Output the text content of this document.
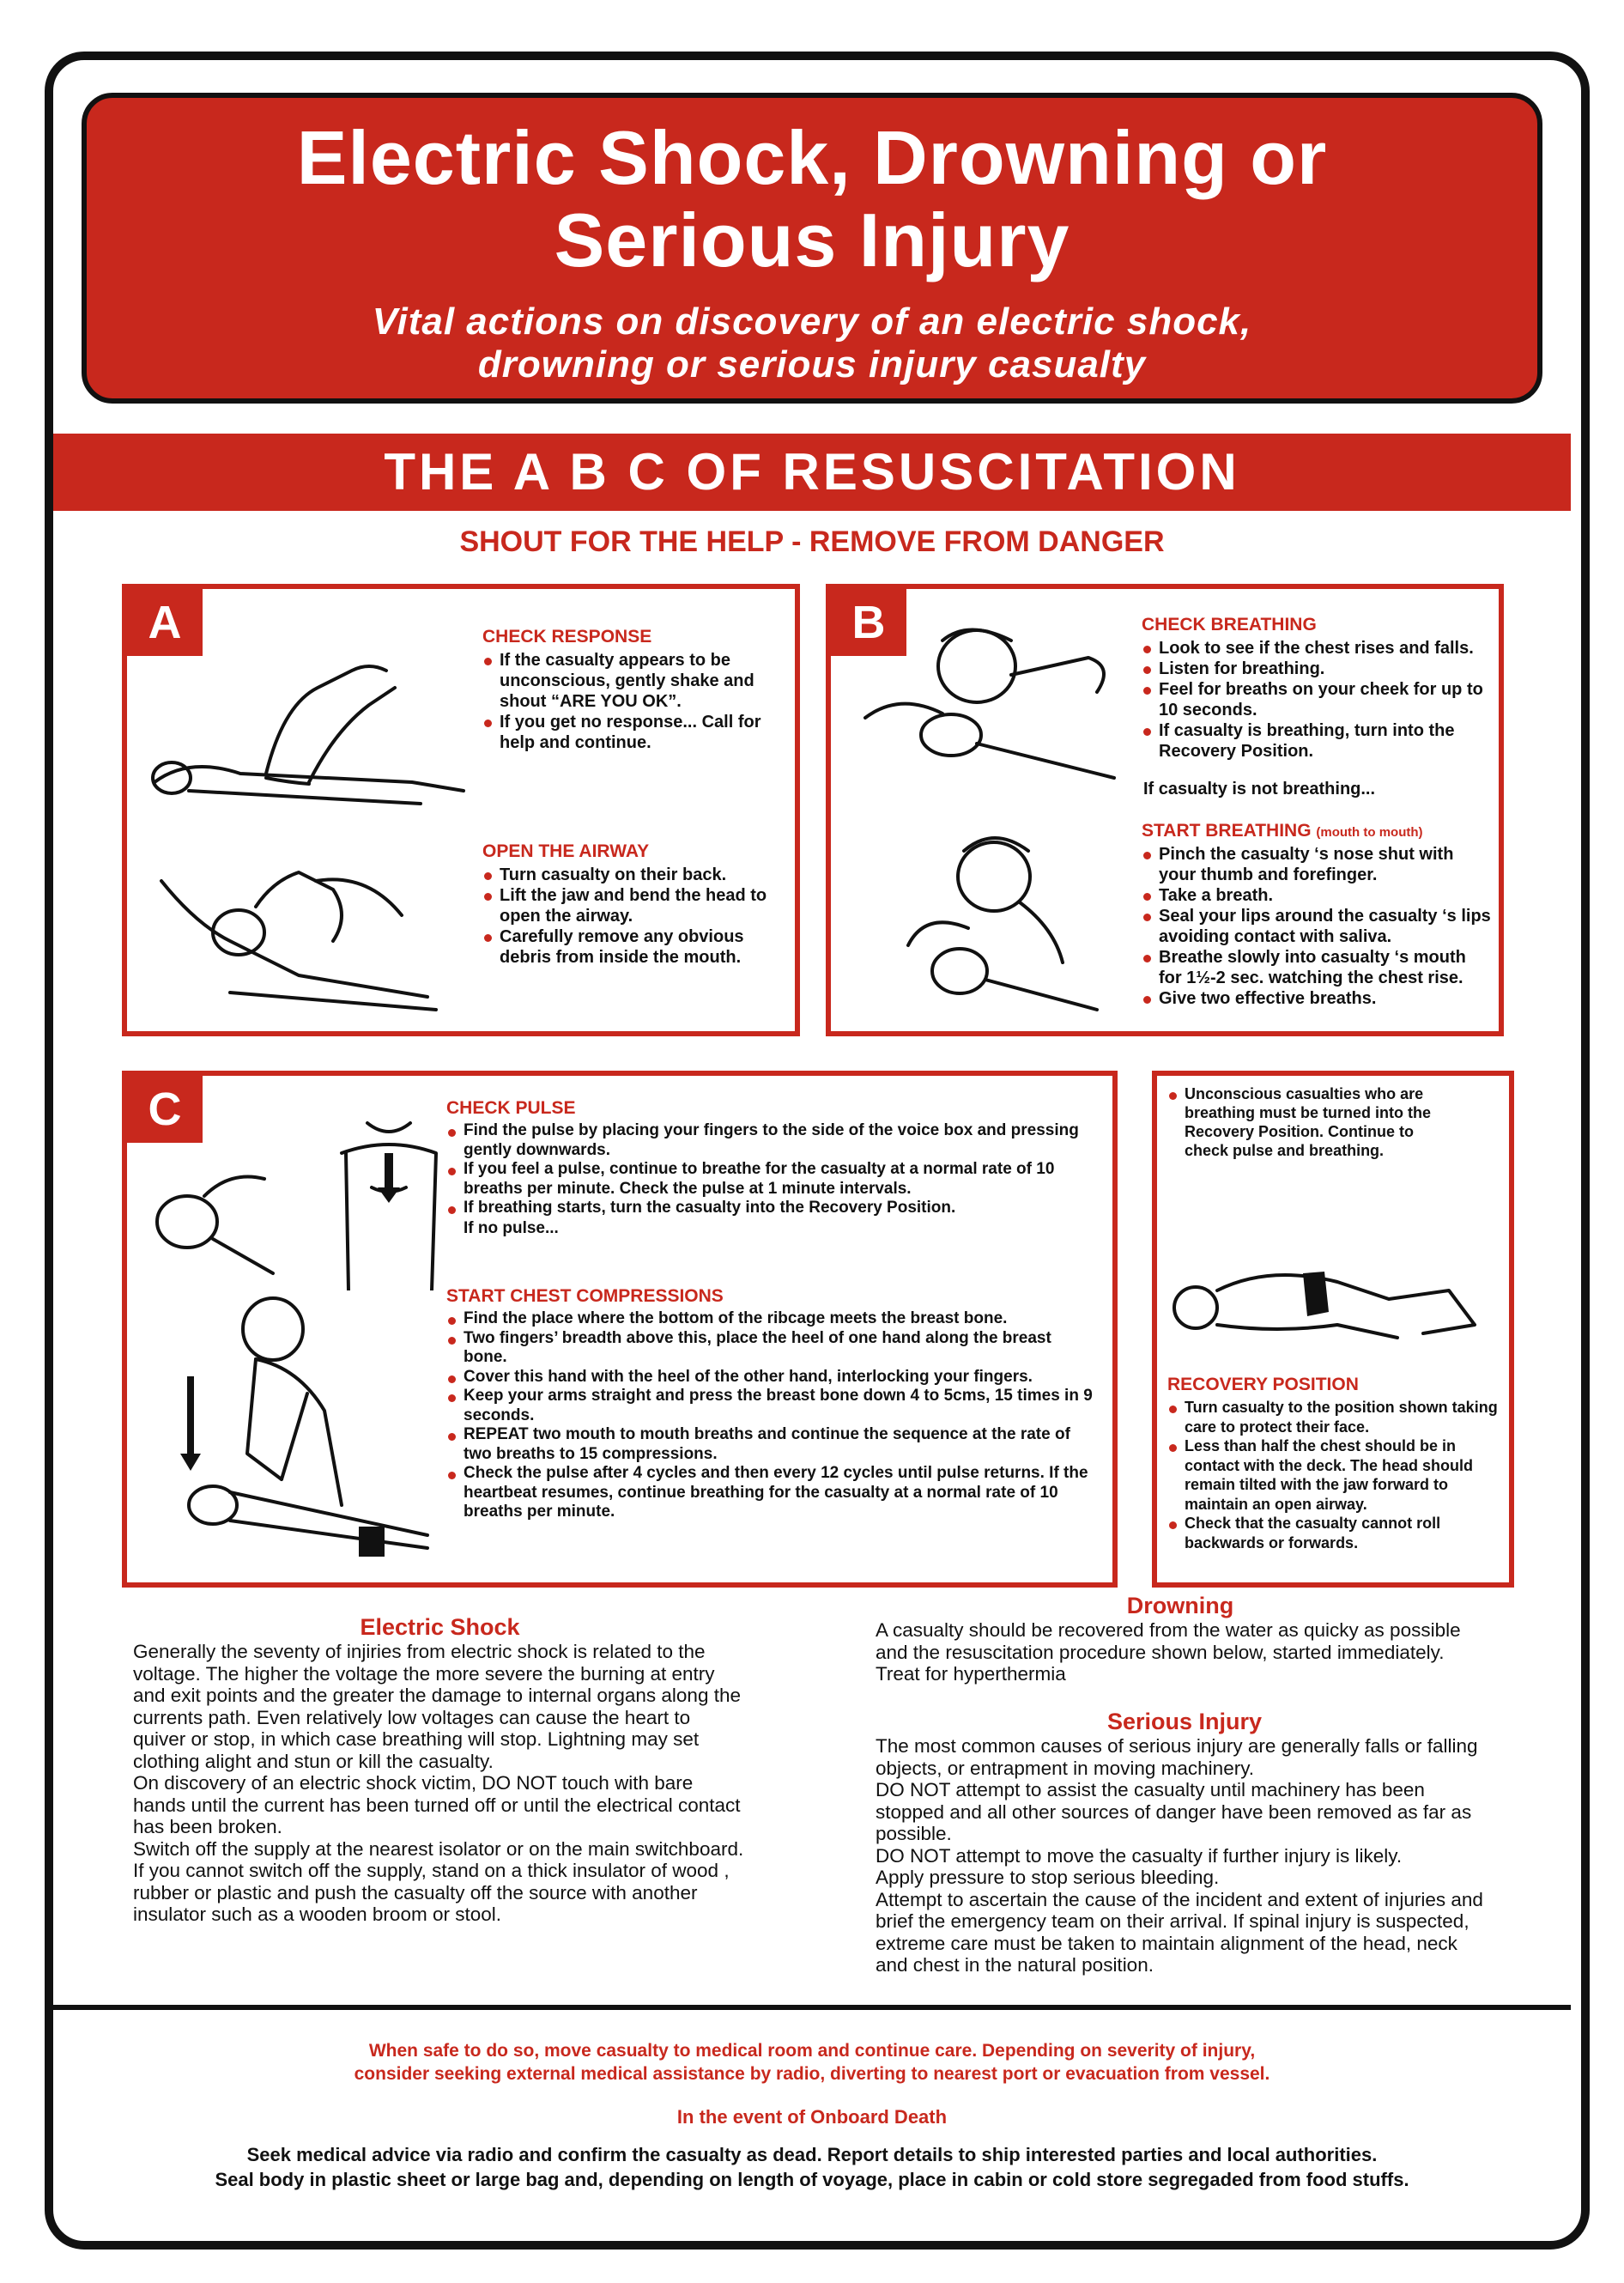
Electric Shock, Drowning or
Serious Injury
Vital actions on discovery of an electric shock,
drowning or serious injury casualty
THE A B C OF RESUSCITATION
SHOUT FOR THE HELP - REMOVE FROM DANGER
A	CHECK RESPONSE
If the casualty appears to be unconscious, gently shake and shout “ARE YOU OK”.
If you get no response... Call for help and continue.
OPEN THE AIRWAY
Turn casualty on their back.
Lift the jaw and bend the head to open the airway.
Carefully remove any obvious debris from inside the mouth.
B	CHECK BREATHING
Look to see if the chest rises and falls.
Listen for breathing.
Feel for breaths on your cheek for up to 10 seconds.
If casualty is breathing, turn into the Recovery Position.
If casualty is not breathing...
START BREATHING (mouth to mouth)
Pinch the casualty ‘s nose shut with your thumb and forefinger.
Take a breath.
Seal your lips around the casualty ‘s lips avoiding contact with saliva.
Breathe slowly into casualty ‘s mouth for 1½-2 sec. watching the chest rise.
Give two effective breaths.
C	CHECK PULSE
Find the pulse by placing your fingers to the side of the voice box and pressing gently downwards.
If you feel a pulse, continue to breathe for the casualty at a normal rate of 10 breaths per minute. Check the pulse at 1 minute intervals.
If breathing starts, turn the casualty into the Recovery Position.
If no pulse...
START CHEST COMPRESSIONS
Find the place where the bottom of the ribcage meets the breast bone.
Two fingers’ breadth above this, place the heel of one hand along the breast bone.
Cover this hand with the heel of the other hand, interlocking your fingers.
Keep your arms straight and press the breast bone down 4 to 5cms, 15 times in 9 seconds.
REPEAT two mouth to mouth breaths and continue the sequence at the rate of two breaths to 15 compressions.
Check the pulse after 4 cycles and then every 12 cycles until pulse returns. If the heartbeat resumes, continue breathing for the casualty at a normal rate of 10 breaths per minute.
Unconscious casualties who are breathing must be turned into the Recovery Position. Continue to check pulse and breathing.
RECOVERY POSITION
Turn casualty to the position shown taking care to protect their face.
Less than half the chest should be in contact with the deck. The head should remain tilted with the jaw forward to maintain an open airway.
Check that the casualty cannot roll backwards or forwards.
Electric Shock

Generally the seventy of injiries from electric shock is related to the voltage. The higher the voltage the more severe the burning at entry and exit points and the greater the damage to internal organs along the currents path. Even relatively low voltages can cause the heart to quiver or stop, in which case breathing will stop. Lightning may set clothing alight and stun or kill the casualty.

On discovery of an electric shock victim, DO NOT touch with bare hands until the current has been turned off or until the electrical contact has been broken.

Switch off the supply at the nearest isolator or on the main switchboard. If you cannot switch off the supply, stand on a thick insulator of wood , rubber or plastic and push the casualty off the source with another insulator such as a wooden broom or stool.

Drowning

A casualty should be recovered from the water as quicky as possible and the resuscitation procedure shown below, started immediately. Treat for hyperthermia

Serious Injury

The most common causes of serious injury are generally falls or falling objects, or entrapment in moving machinery.

DO NOT attempt to assist the casualty until machinery has been stopped and all other sources of danger have been removed as far as possible.

DO NOT attempt to move the casualty if further injury is likely.

Apply pressure to stop serious bleeding.

Attempt to ascertain the cause of the incident and extent of injuries and brief the emergency team on their arrival. If spinal injury is suspected, extreme care must be taken to maintain alignment of the head, neck and chest in the natural position.

When safe to do so, move casualty to medical room and continue care. Depending on severity of injury,
consider seeking external medical assistance by radio, diverting to nearest port or evacuation from vessel.
In the event of Onboard Death
Seek medical advice via radio and confirm the casualty as dead. Report details to ship interested parties and local authorities.
Seal body in plastic sheet or large bag and, depending on length of voyage, place in cabin or cold store segregaded from food stuffs.
